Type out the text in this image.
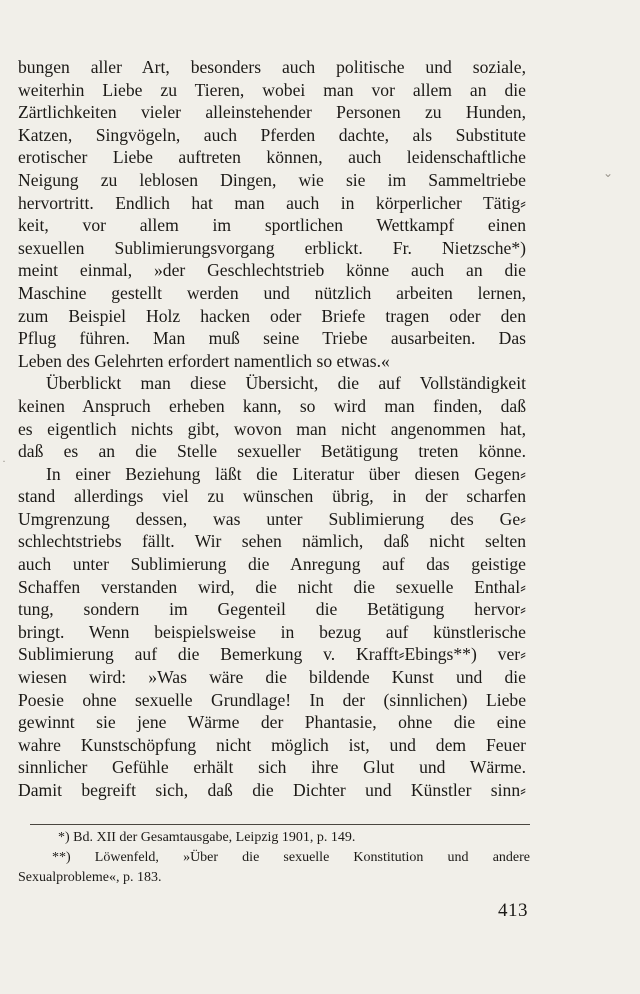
bungen aller Art, besonders auch politische und soziale,
weiterhin Liebe zu Tieren, wobei man vor allem an die
Zärtlichkeiten vieler alleinstehender Personen zu Hunden,
Katzen, Singvögeln, auch Pferden dachte, als Substitute
erotischer Liebe auftreten können, auch leidenschaftliche
Neigung zu leblosen Dingen, wie sie im Sammeltriebe
hervortritt. Endlich hat man auch in körperlicher Tätig⸗
keit, vor allem im sportlichen Wettkampf einen
sexuellen Sublimierungsvorgang erblickt. Fr. Nietzsche*)
meint einmal, »der Geschlechtstrieb könne auch an die
Maschine gestellt werden und nützlich arbeiten lernen,
zum Beispiel Holz hacken oder Briefe tragen oder den
Pflug führen. Man muß seine Triebe ausarbeiten. Das
Leben des Gelehrten erfordert namentlich so etwas.«
Überblickt man diese Übersicht, die auf Vollständigkeit
keinen Anspruch erheben kann, so wird man finden, daß
es eigentlich nichts gibt, wovon man nicht angenommen hat,
daß es an die Stelle sexueller Betätigung treten könne.
In einer Beziehung läßt die Literatur über diesen Gegen⸗
stand allerdings viel zu wünschen übrig, in der scharfen
Umgrenzung dessen, was unter Sublimierung des Ge⸗
schlechtstriebs fällt. Wir sehen nämlich, daß nicht selten
auch unter Sublimierung die Anregung auf das geistige
Schaffen verstanden wird, die nicht die sexuelle Enthal⸗
tung, sondern im Gegenteil die Betätigung hervor⸗
bringt. Wenn beispielsweise in bezug auf künstlerische
Sublimierung auf die Bemerkung v. Krafft⸗Ebings**) ver⸗
wiesen wird: »Was wäre die bildende Kunst und die
Poesie ohne sexuelle Grundlage! In der (sinnlichen) Liebe
gewinnt sie jene Wärme der Phantasie, ohne die eine
wahre Kunstschöpfung nicht möglich ist, und dem Feuer
sinnlicher Gefühle erhält sich ihre Glut und Wärme.
Damit begreift sich, daß die Dichter und Künstler sinn⸗
*) Bd. XII der Gesamtausgabe, Leipzig 1901, p. 149.
**) Löwenfeld, »Über die sexuelle Konstitution und andere
Sexualprobleme«, p. 183.
413
⌄
·
